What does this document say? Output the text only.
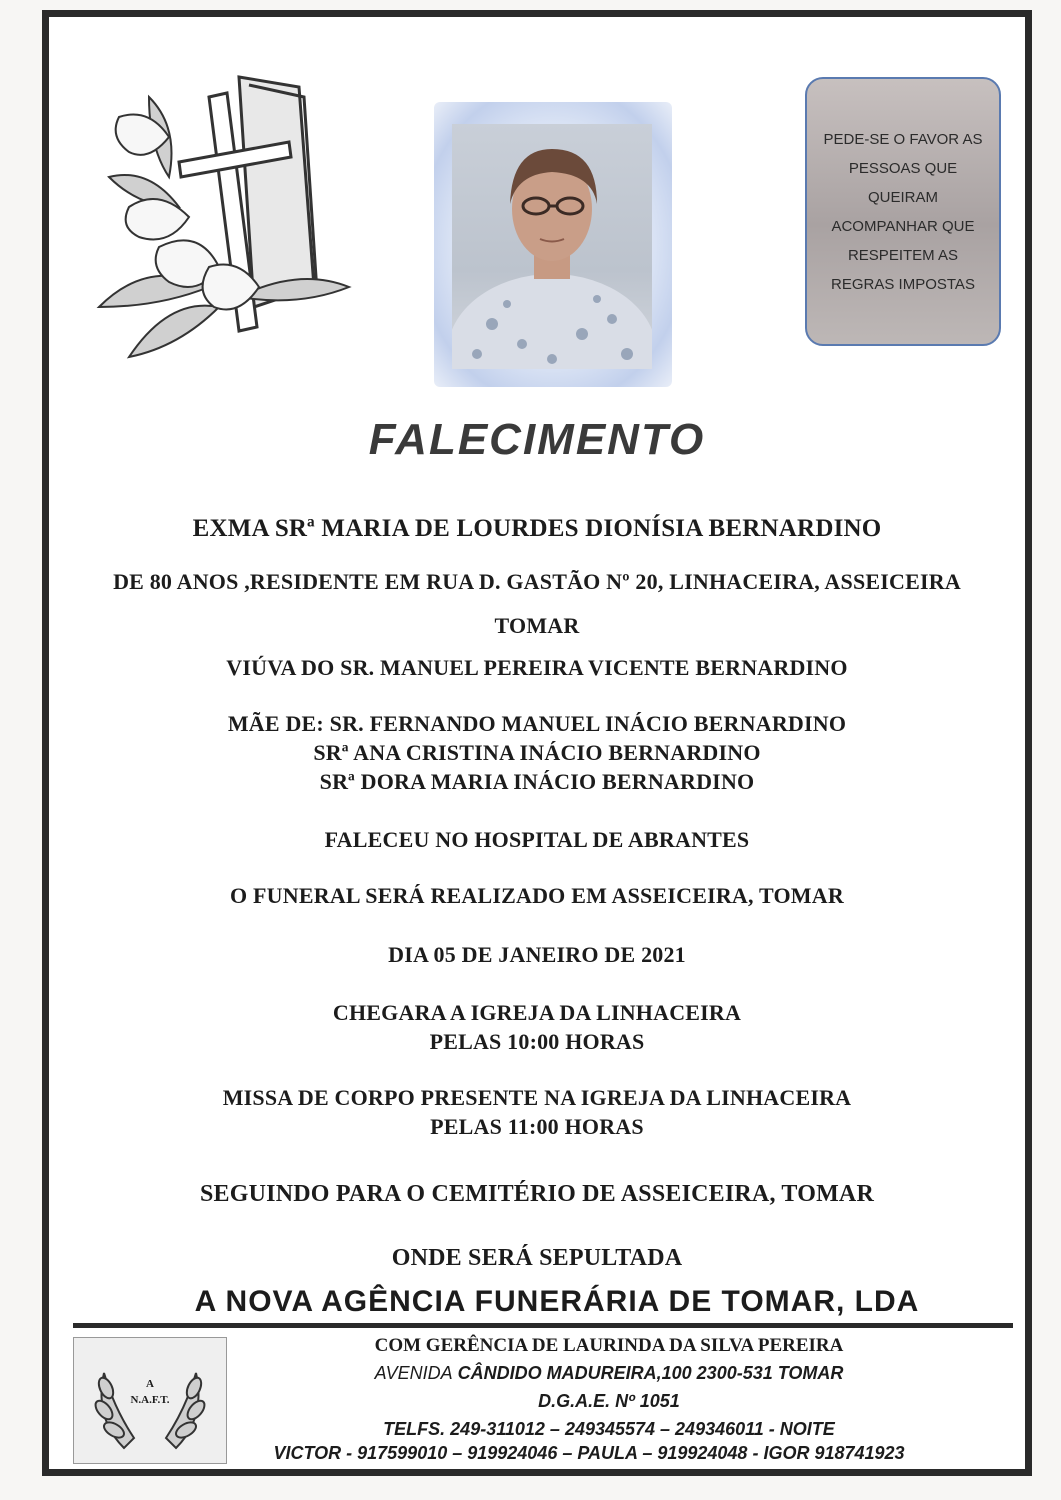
PEDE-SE O FAVOR AS
PESSOAS QUE
QUEIRAM
ACOMPANHAR QUE
RESPEITEM AS
REGRAS IMPOSTAS
FALECIMENTO
EXMA SRª MARIA DE LOURDES DIONÍSIA BERNARDINO
DE 80 ANOS ,RESIDENTE EM RUA D. GASTÃO Nº 20, LINHACEIRA, ASSEICEIRA
TOMAR
VIÚVA DO SR. MANUEL PEREIRA VICENTE BERNARDINO
MÃE DE: SR. FERNANDO MANUEL INÁCIO BERNARDINO
SRª ANA CRISTINA INÁCIO BERNARDINO
SRª DORA MARIA INÁCIO BERNARDINO
FALECEU NO HOSPITAL DE ABRANTES
O FUNERAL SERÁ REALIZADO EM ASSEICEIRA, TOMAR
DIA 05 DE JANEIRO DE 2021
CHEGARA A IGREJA DA LINHACEIRA
PELAS 10:00 HORAS
MISSA DE CORPO PRESENTE NA IGREJA DA LINHACEIRA
PELAS 11:00 HORAS
SEGUINDO PARA O CEMITÉRIO DE ASSEICEIRA, TOMAR
ONDE SERÁ SEPULTADA
A NOVA AGÊNCIA FUNERÁRIA DE TOMAR, LDA
A
N.A.F.T.
COM GERÊNCIA DE LAURINDA DA SILVA PEREIRA
AVENIDA CÂNDIDO MADUREIRA,100 2300-531 TOMAR
D.G.A.E. Nº 1051
TELFS. 249-311012 – 249345574 – 249346011 - NOITE
VICTOR - 917599010 – 919924046 – PAULA – 919924048 - IGOR 918741923
